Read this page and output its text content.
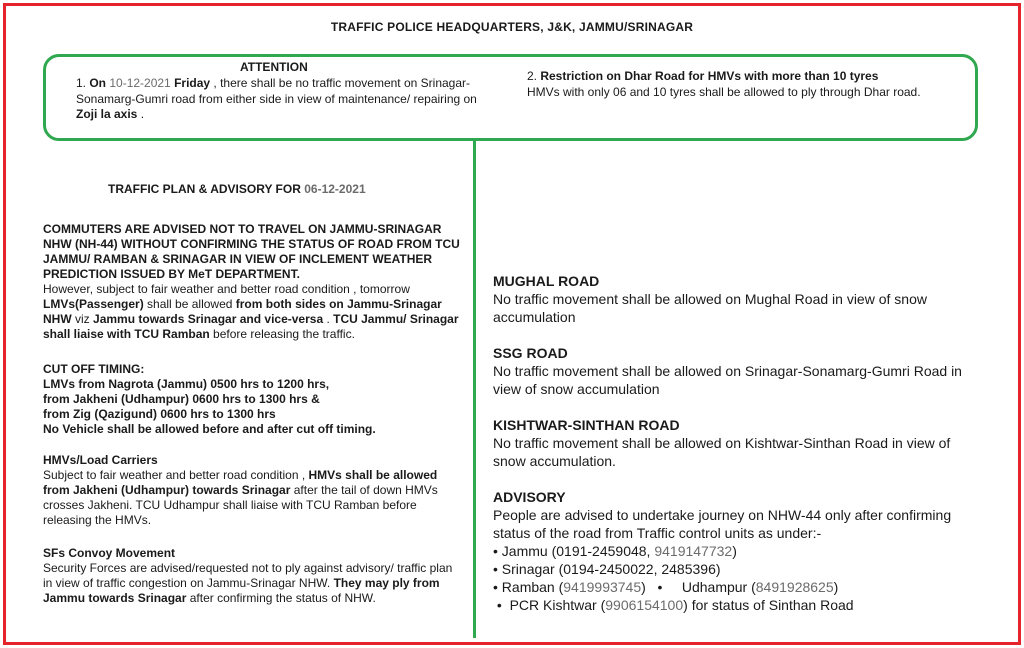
TRAFFIC POLICE HEADQUARTERS, J&K, JAMMU/SRINAGAR
ATTENTION
1. On 10-12-2021 Friday , there shall be no traffic movement on Srinagar-Sonamarg-Gumri road from either side in view of maintenance/ repairing on Zoji la axis .
2. Restriction on Dhar Road for HMVs with more than 10 tyres
HMVs with only 06 and 10 tyres shall be allowed to ply through Dhar road.
TRAFFIC PLAN & ADVISORY FOR 06-12-2021
COMMUTERS ARE ADVISED NOT TO TRAVEL ON JAMMU-SRINAGAR NHW (NH-44) WITHOUT CONFIRMING THE STATUS OF ROAD FROM TCU JAMMU/ RAMBAN & SRINAGAR IN VIEW OF INCLEMENT WEATHER PREDICTION ISSUED BY MeT DEPARTMENT.
However, subject to fair weather and better road condition , tomorrow LMVs(Passenger) shall be allowed from both sides on Jammu-Srinagar NHW viz Jammu towards Srinagar and vice-versa . TCU Jammu/ Srinagar shall liaise with TCU Ramban before releasing the traffic.
CUT OFF TIMING:
LMVs from Nagrota (Jammu) 0500 hrs to 1200 hrs,
from Jakheni (Udhampur) 0600 hrs to 1300 hrs &
from Zig (Qazigund) 0600 hrs to 1300 hrs
No Vehicle shall be allowed before and after cut off timing.
HMVs/Load Carriers
Subject to fair weather and better road condition , HMVs shall be allowed from Jakheni (Udhampur) towards Srinagar after the tail of down HMVs crosses Jakheni. TCU Udhampur shall liaise with TCU Ramban before releasing the HMVs.
SFs Convoy Movement
Security Forces are advised/requested not to ply against advisory/ traffic plan in view of traffic congestion on Jammu-Srinagar NHW. They may ply from Jammu towards Srinagar after confirming the status of NHW.
MUGHAL ROAD
No traffic movement shall be allowed on Mughal Road in view of snow accumulation
SSG ROAD
No traffic movement shall be allowed on Srinagar-Sonamarg-Gumri Road in view of snow accumulation
KISHTWAR-SINTHAN ROAD
No traffic movement shall be allowed on Kishtwar-Sinthan Road in view of snow accumulation.
ADVISORY
People are advised to undertake journey on NHW-44 only after confirming status of the road from Traffic control units as under:-
• Jammu (0191-2459048, 9419147732)
• Srinagar (0194-2450022, 2485396)
• Ramban (9419993745)   •     Udhampur (8491928625)
•  PCR Kishtwar (9906154100) for status of Sinthan Road
